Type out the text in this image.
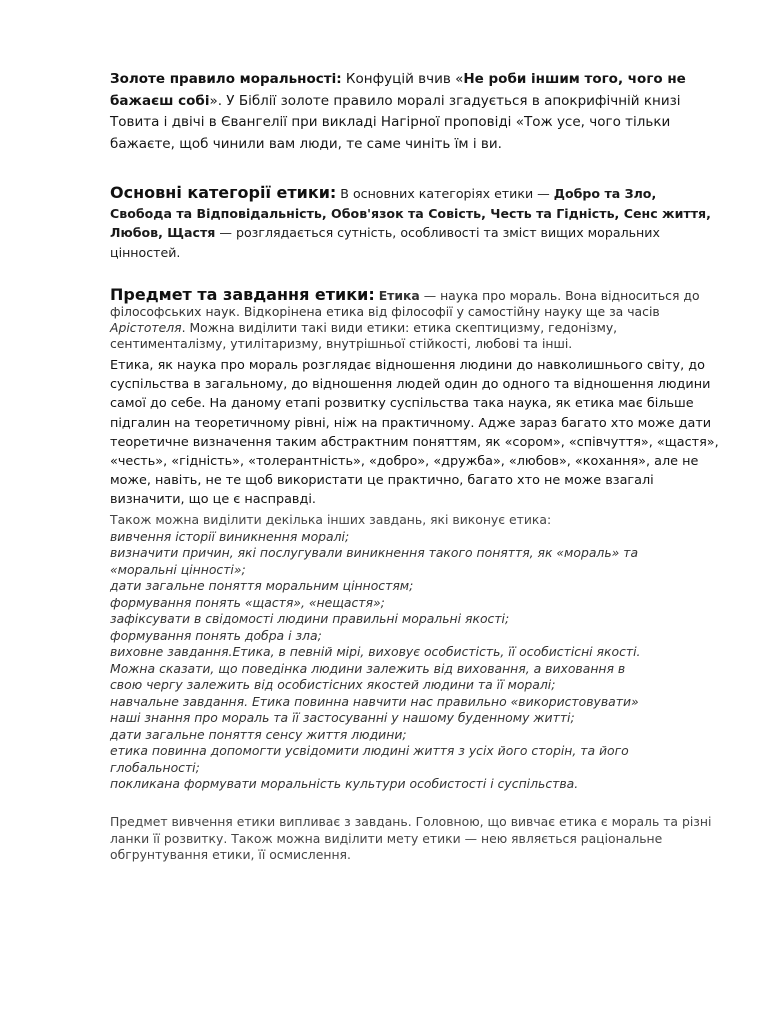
Золоте правило моральності: Конфуцій вчив «Не роби іншим того, чого не бажаєш собі». У Біблії золоте правило моралі згадується в апокрифічній книзі Товита і двічі в Євангелії при викладі Нагірної проповіді «Тож усе, чого тільки бажаєте, щоб чинили вам люди, те саме чиніть їм і ви.

Основні категорії етики: В основних категоріях етики — Добро та Зло, Свобода та Відповідальність, Обов'язок та Совість, Честь та Гідність, Сенс життя, Любов, Щастя — розглядається сутність, особливості та зміст вищих моральних цінностей.

Предмет та завдання етики: Етика — наука про мораль. Вона відноситься до філософських наук. Відкорінена етика від філософії у самостійну науку ще за часів Арістотеля. Можна виділити такі види етики: етика скептицизму, гедонізму, сентименталізму, утилітаризму, внутрішньої стійкості, любові та інші.

Етика, як наука про мораль розглядає відношення людини до навколишнього світу, до суспільства в загальному, до відношення людей один до одного та відношення людини самої до себе. На даному етапі розвитку суспільства така наука, як етика має більше підгалин на теоретичному рівні, ніж на практичному. Адже зараз багато хто може дати теоретичне визначення таким абстрактним поняттям, як «сором», «співчуття», «щастя», «честь», «гідність», «толерантність», «добро», «дружба», «любов», «кохання», але не може, навіть, не те щоб використати це практично, багато хто не може взагалі визначити, що це є насправді.

Також можна виділити декілька інших завдань, які виконує етика:
вивчення історії виникнення моралі;
визначити причин, які послугували виникнення такого поняття, як «мораль» та
«моральні цінності»;
дати загальне поняття моральним цінностям;
формування понять «щастя», «нещастя»;
зафіксувати в свідомості людини правильні моральні якості;
формування понять добра і зла;
виховне завдання.Етика, в певній мірі, виховує особистість, її особистісні якості.
Можна сказати, що поведінка людини залежить від виховання, а виховання в
свою чергу залежить від особистісних якостей людини та її моралі;
навчальне завдання. Етика повинна навчити нас правильно «використовувати»
наші знання про мораль та її застосуванні у нашому буденному житті;
дати загальне поняття сенсу життя людини;
етика повинна допомогти усвідомити людині життя з усіх його сторін, та його
глобальності;
покликана формувати моральність культури особистості і суспільства.

Предмет вивчення етики випливає з завдань. Головною, що вивчає етика є мораль та різні ланки її розвитку. Також можна виділити мету етики — нею являється раціональне обгрунтування етики, її осмислення.
